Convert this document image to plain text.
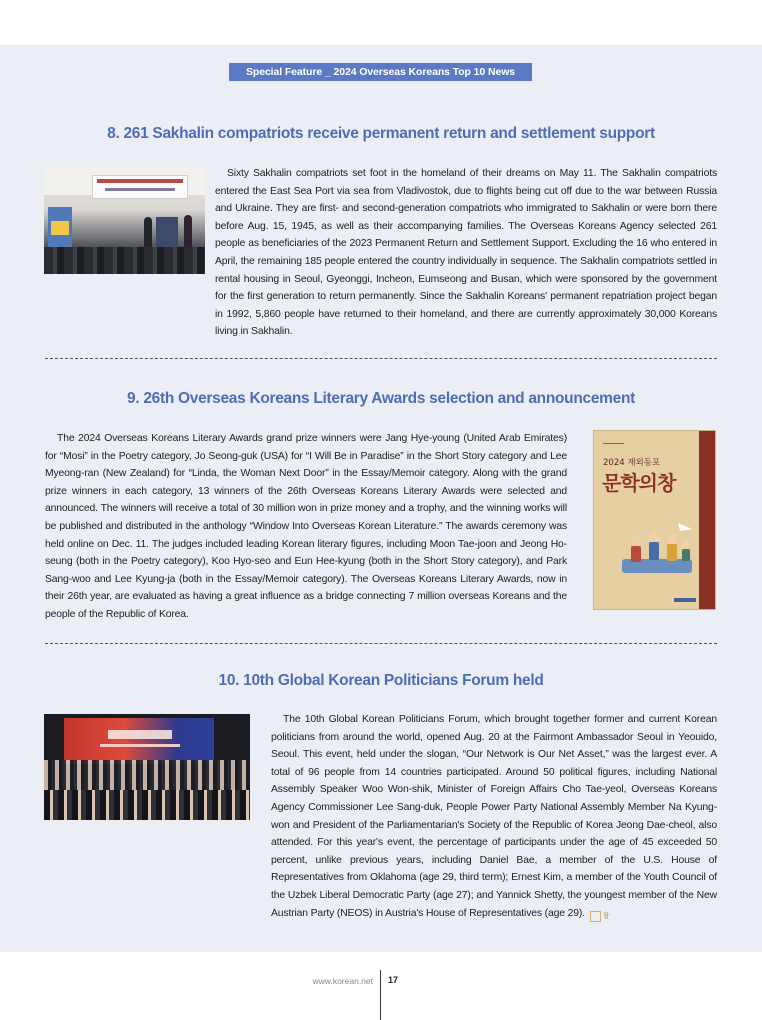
Special Feature _ 2024 Overseas Koreans Top 10 News
8. 261 Sakhalin compatriots receive permanent return and settlement support

Sixty Sakhalin compatriots set foot in the homeland of their dreams on May 11. The Sakhalin compatriots entered the East Sea Port via sea from Vladivostok, due to flights being cut off due to the war between Russia and Ukraine. They are first- and second-generation compatriots who immigrated to Sakhalin or were born there before Aug. 15, 1945, as well as their accompanying families. The Overseas Koreans Agency selected 261 people as beneficiaries of the 2023 Permanent Return and Settlement Support. Excluding the 16 who entered in April, the remaining 185 people entered the country individually in sequence. The Sakhalin compatriots settled in rental housing in Seoul, Gyeonggi, Incheon, Eumseong and Busan, which were sponsored by the government for the first generation to return permanently. Since the Sakhalin Koreans' permanent repatriation project began in 1992, 5,860 people have returned to their homeland, and there are currently approximately 30,000 Koreans living in Sakhalin.

9. 26th Overseas Koreans Literary Awards selection and announcement

The 2024 Overseas Koreans Literary Awards grand prize winners were Jang Hye-young (United Arab Emirates) for “Mosi” in the Poetry category, Jo Seong-guk (USA) for “I Will Be in Paradise” in the Short Story category and Lee Myeong-ran (New Zealand) for “Linda, the Woman Next Door” in the Essay/Memoir category. Along with the grand prize winners in each category, 13 winners of the 26th Overseas Koreans Literary Awards were selected and announced. The winners will receive a total of 30 million won in prize money and a trophy, and the winning works will be published and distributed in the anthology “Window Into Overseas Korean Literature.” The awards ceremony was held online on Dec. 11. The judges included leading Korean literary figures, including Moon Tae-joon and Jeong Ho-seung (both in the Poetry category), Koo Hyo-seo and Eun Hee-kyung (both in the Short Story category), and Park Sang-woo and Lee Kyung-ja (both in the Essay/Memoir category). The Overseas Koreans Literary Awards, now in their 26th year, are evaluated as having a great influence as a bridge connecting 7 million overseas Koreans and the people of the Republic of Korea.

━━━━━━━
2024 재외동포
문학의창
10. 10th Global Korean Politicians Forum held

The 10th Global Korean Politicians Forum, which brought together former and current Korean politicians from around the world, opened Aug. 20 at the Fairmont Ambassador Seoul in Yeouido, Seoul. This event, held under the slogan, “Our Network is Our Net Asset,” was the largest ever. A total of 96 people from 14 countries participated. Around 50 political figures, including National Assembly Speaker Woo Won-shik, Minister of Foreign Affairs Cho Tae-yeol, Overseas Koreans Agency Commissioner Lee Sang-duk, People Power Party National Assembly Member Na Kyung-won and President of the Parliamentarian's Society of the Republic of Korea Jeong Dae-cheol, also attended. For this year's event, the percentage of participants under the age of 45 exceeded 50 percent, unlike previous years, including Daniel Bae, a member of the U.S. House of Representatives from Oklahoma (age 29, third term); Ernest Kim, a member of the Youth Council of the Uzbek Liberal Democratic Party (age 27); and Yannick Shetty, the youngest member of the New Austrian Party (NEOS) in Austria's House of Representatives (age 29).	창

www.korean.net 17
